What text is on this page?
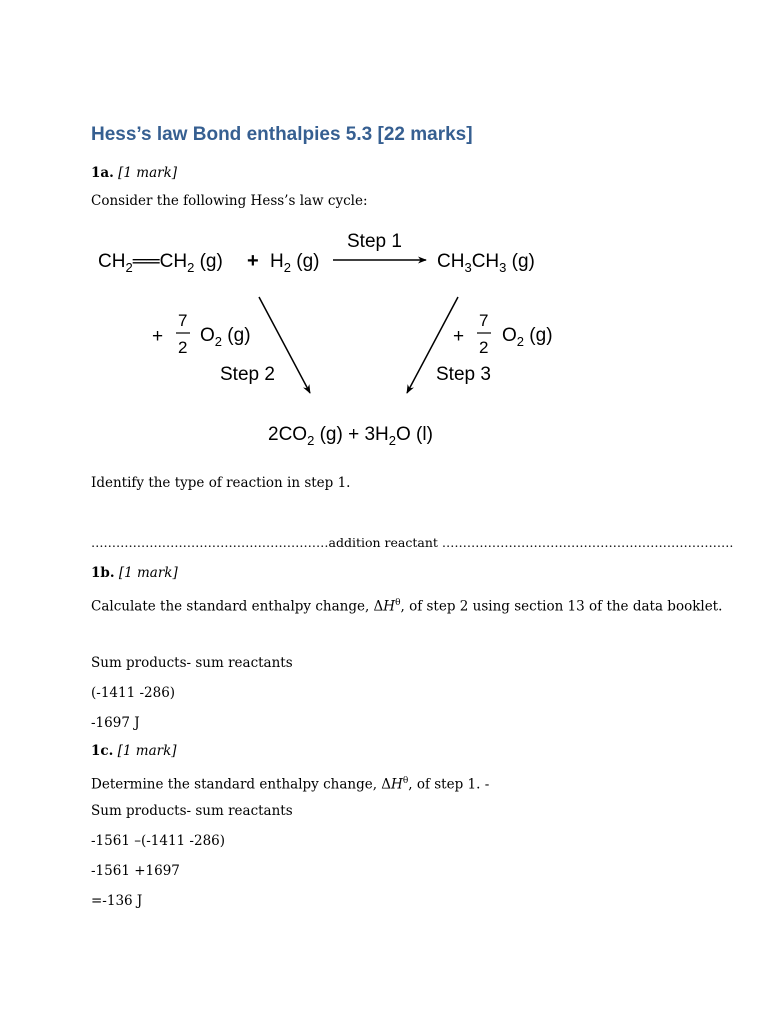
Hess’s law Bond enthalpies 5.3 [22 marks]
1a. [1 mark]
Consider the following Hess’s law cycle:
$CH_2══CH_2$ $(g) + H_2$ (g)
Step 1
$CH_3CH_3$ (g)
+
7
2
$O_2$ (g)	+
7
2
$O_2$ (g)
Step 2	Step 3
$2CO_2$ $(g) + 3H_2O$ (l)
Identify the type of reaction in step 1.
…………………………………………………addition reactant …………………………………………………………….
1b. [1 mark]
Calculate the standard enthalpy change, $\Delta H^\theta$, of step 2 using section 13 of the data booklet.
Sum products- sum reactants
(-1411 -286)
-1697 J
1c. [1 mark]
Determine the standard enthalpy change, $\Delta H^\theta$, of step 1. -
Sum products- sum reactants
-1561 –(-1411 -286)
-1561 +1697
=-136 J
